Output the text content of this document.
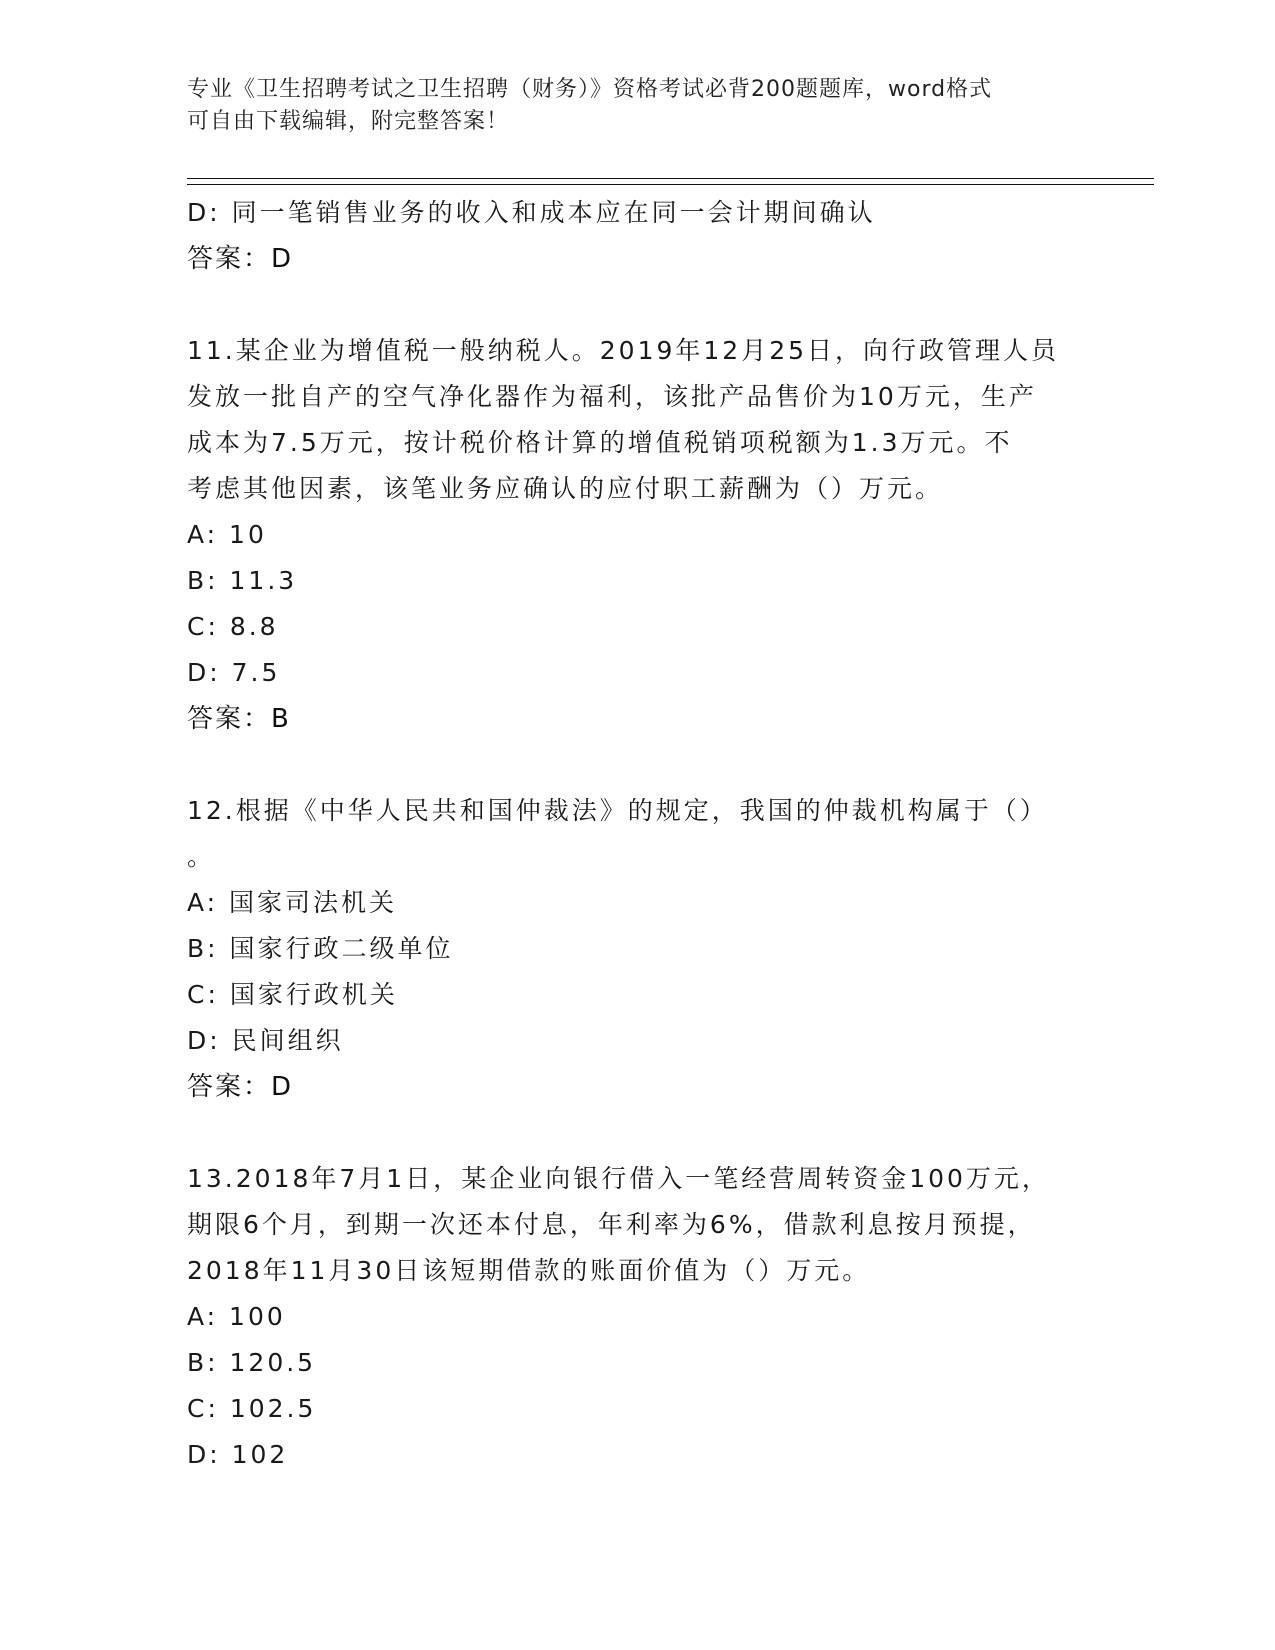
专业《卫生招聘考试之卫生招聘（财务）》资格考试必背200题题库，word格式
可自由下载编辑，附完整答案！
D: 同一笔销售业务的收入和成本应在同一会计期间确认
答案：D
11.某企业为增值税一般纳税人。2019年12月25日，向行政管理人员
发放一批自产的空气净化器作为福利，该批产品售价为10万元，生产
成本为7.5万元，按计税价格计算的增值税销项税额为1.3万元。不
考虑其他因素，该笔业务应确认的应付职工薪酬为（）万元。
A: 10
B: 11.3
C: 8.8
D: 7.5
答案：B
12.根据《中华人民共和国仲裁法》的规定，我国的仲裁机构属于（）
。
A: 国家司法机关
B: 国家行政二级单位
C: 国家行政机关
D: 民间组织
答案：D
13.2018年7月1日，某企业向银行借入一笔经营周转资金100万元，
期限6个月，到期一次还本付息，年利率为6%，借款利息按月预提，
2018年11月30日该短期借款的账面价值为（）万元。
A: 100
B: 120.5
C: 102.5
D: 102
